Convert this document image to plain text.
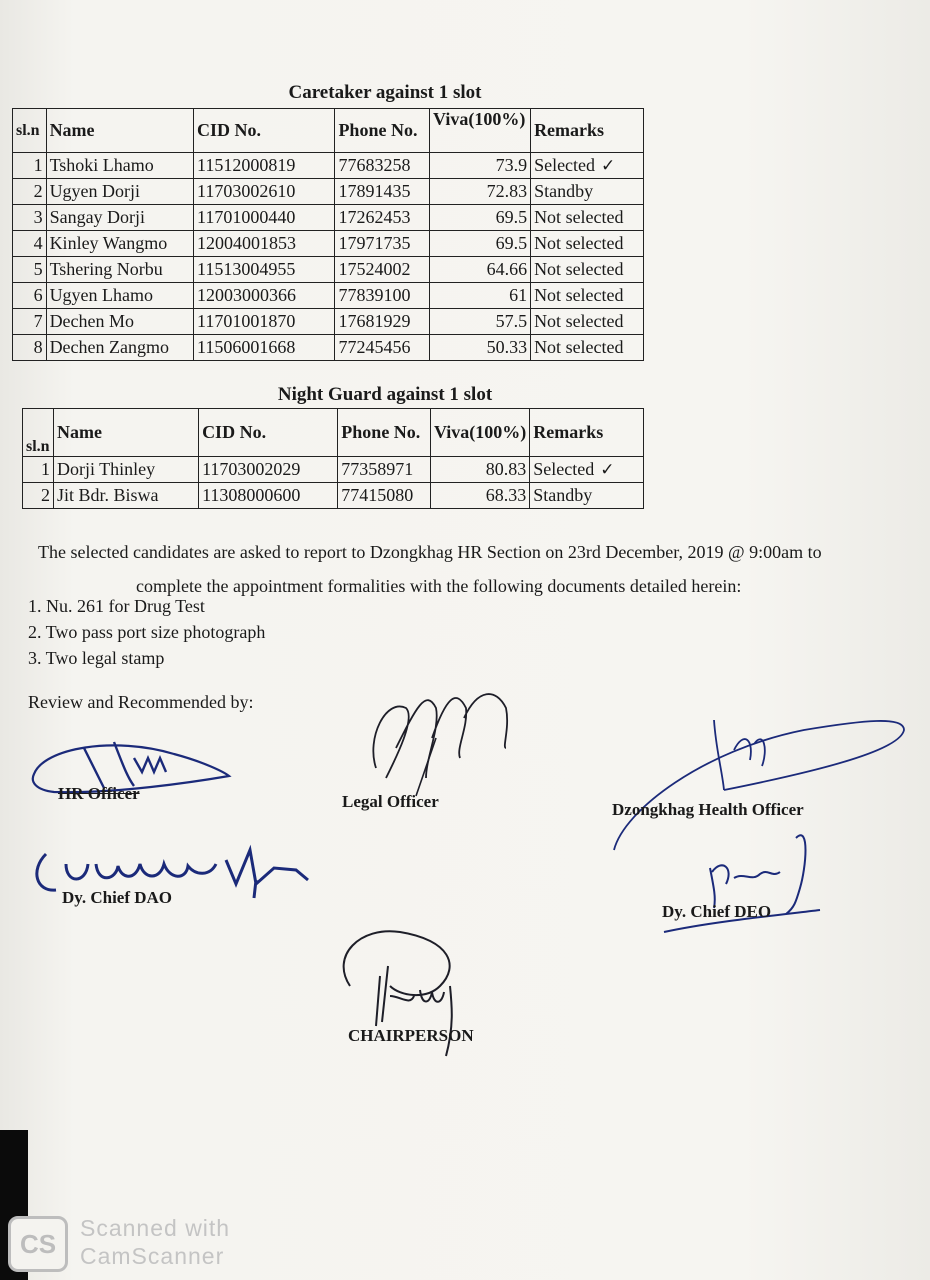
Caretaker against 1 slot
sl.n	Name	CID No.	Phone No.	Viva(100%)	Remarks
1	Tshoki Lhamo	11512000819	77683258	73.9	Selected ✓
2	Ugyen Dorji	11703002610	17891435	72.83	Standby
3	Sangay Dorji	11701000440	17262453	69.5	Not selected
4	Kinley Wangmo	12004001853	17971735	69.5	Not selected
5	Tshering Norbu	11513004955	17524002	64.66	Not selected
6	Ugyen Lhamo	12003000366	77839100	61	Not selected
7	Dechen Mo	11701001870	17681929	57.5	Not selected
8	Dechen Zangmo	11506001668	77245456	50.33	Not selected
Night Guard against 1 slot
sl.n	Name	CID No.	Phone No.	Viva(100%)	Remarks
1	Dorji Thinley	11703002029	77358971	80.83	Selected ✓
2	Jit Bdr. Biswa	11308000600	77415080	68.33	Standby
The selected candidates are asked to report to Dzongkhag HR Section on 23rd December, 2019 @ 9:00am to
complete the appointment formalities with the following documents detailed herein:
1. Nu. 261 for Drug Test
2. Two pass port size photograph
3. Two legal stamp
Review and Recommended by:
HR Officer	Legal Officer	Dzongkhag Health Officer
Dy. Chief DAO
Dy. Chief DEO
CHAIRPERSON
CS
Scanned with
CamScanner
